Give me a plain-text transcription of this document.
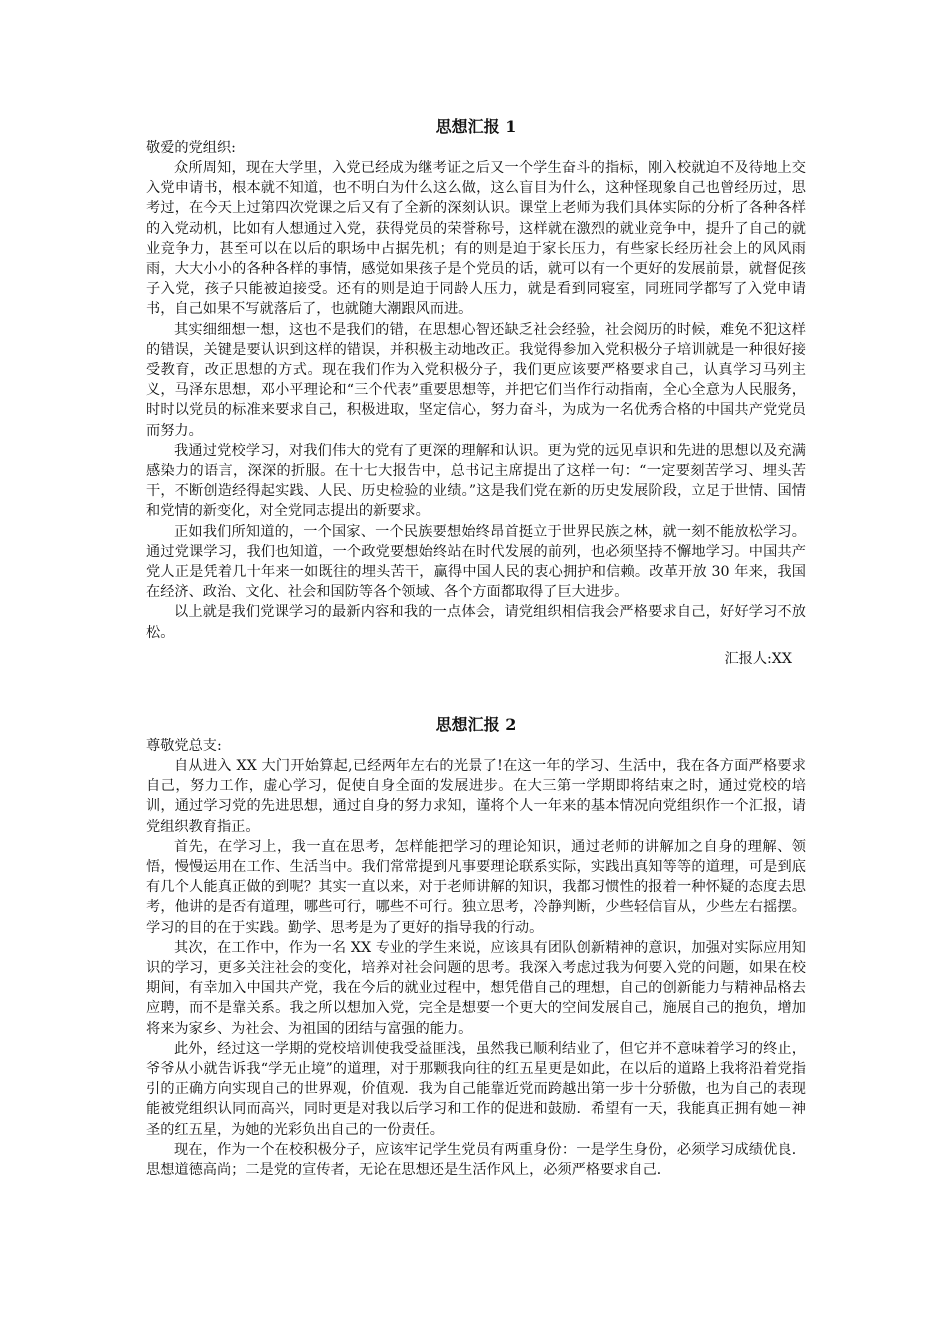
思想汇报 1

敬爱的党组织:

众所周知，现在大学里，入党已经成为继考证之后又一个学生奋斗的指标，刚入校就迫不及待地上交入党申请书，根本就不知道，也不明白为什么这么做，这么盲目为什么，这种怪现象自己也曾经历过，思考过，在今天上过第四次党课之后又有了全新的深刻认识。课堂上老师为我们具体实际的分析了各种各样的入党动机，比如有人想通过入党，获得党员的荣誉称号，这样就在激烈的就业竞争中，提升了自己的就业竞争力，甚至可以在以后的职场中占据先机；有的则是迫于家长压力，有些家长经历社会上的风风雨雨，大大小小的各种各样的事情，感觉如果孩子是个党员的话，就可以有一个更好的发展前景，就督促孩子入党，孩子只能被迫接受。还有的则是迫于同龄人压力，就是看到同寝室，同班同学都写了入党申请书，自己如果不写就落后了，也就随大潮跟风而进。

其实细细想一想，这也不是我们的错，在思想心智还缺乏社会经验，社会阅历的时候，难免不犯这样的错误，关键是要认识到这样的错误，并积极主动地改正。我觉得参加入党积极分子培训就是一种很好接受教育，改正思想的方式。现在我们作为入党积极分子，我们更应该要严格要求自己，认真学习马列主义，马泽东思想，邓小平理论和“三个代表”重要思想等，并把它们当作行动指南，全心全意为人民服务，时时以党员的标准来要求自己，积极进取，坚定信心，努力奋斗，为成为一名优秀合格的中国共产党党员而努力。

我通过党校学习，对我们伟大的党有了更深的理解和认识。更为党的远见卓识和先进的思想以及充满感染力的语言，深深的折服。在十七大报告中，总书记主席提出了这样一句：“一定要刻苦学习、埋头苦干，不断创造经得起实践、人民、历史检验的业绩。”这是我们党在新的历史发展阶段，立足于世情、国情和党情的新变化，对全党同志提出的新要求。

正如我们所知道的，一个国家、一个民族要想始终昂首挺立于世界民族之林，就一刻不能放松学习。通过党课学习，我们也知道，一个政党要想始终站在时代发展的前列，也必须坚持不懈地学习。中国共产党人正是凭着几十年来一如既往的埋头苦干，赢得中国人民的衷心拥护和信赖。改革开放 30 年来，我国在经济、政治、文化、社会和国防等各个领域、各个方面都取得了巨大进步。

以上就是我们党课学习的最新内容和我的一点体会，请党组织相信我会严格要求自己，好好学习不放松。

汇报人:XX

思想汇报 2

尊敬党总支:

自从进入 XX 大门开始算起,已经两年左右的光景了!在这一年的学习、生活中，我在各方面严格要求自己，努力工作，虚心学习，促使自身全面的发展进步。在大三第一学期即将结束之时，通过党校的培训，通过学习党的先进思想，通过自身的努力求知，谨将个人一年来的基本情况向党组织作一个汇报，请党组织教育指正。

首先，在学习上，我一直在思考，怎样能把学习的理论知识，通过老师的讲解加之自身的理解、领悟，慢慢运用在工作、生活当中。我们常常提到凡事要理论联系实际，实践出真知等等的道理，可是到底有几个人能真正做的到呢？其实一直以来，对于老师讲解的知识，我都习惯性的报着一种怀疑的态度去思考，他讲的是否有道理，哪些可行，哪些不可行。独立思考，冷静判断，少些轻信盲从，少些左右摇摆。学习的目的在于实践。勤学、思考是为了更好的指导我的行动。

其次，在工作中，作为一名 XX 专业的学生来说，应该具有团队创新精神的意识，加强对实际应用知识的学习，更多关注社会的变化，培养对社会问题的思考。我深入考虑过我为何要入党的问题，如果在校期间，有幸加入中国共产党，我在今后的就业过程中，想凭借自己的理想，自己的创新能力与精神品格去应聘，而不是靠关系。我之所以想加入党，完全是想要一个更大的空间发展自己，施展自己的抱负，增加将来为家乡、为社会、为祖国的团结与富强的能力。

此外，经过这一学期的党校培训使我受益匪浅，虽然我已顺利结业了，但它并不意味着学习的终止，爷爷从小就告诉我“学无止境”的道理，对于那颗我向往的红五星更是如此，在以后的道路上我将沿着党指引的正确方向实现自己的世界观，价值观．我为自己能靠近党而跨越出第一步十分骄傲，也为自己的表现能被党组织认同而高兴，同时更是对我以后学习和工作的促进和鼓励．希望有一天，我能真正拥有她－神圣的红五星，为她的光彩负出自己的一份责任。

现在，作为一个在校积极分子，应该牢记学生党员有两重身份：一是学生身份，必须学习成绩优良．思想道德高尚；二是党的宣传者，无论在思想还是生活作风上，必须严格要求自己．
